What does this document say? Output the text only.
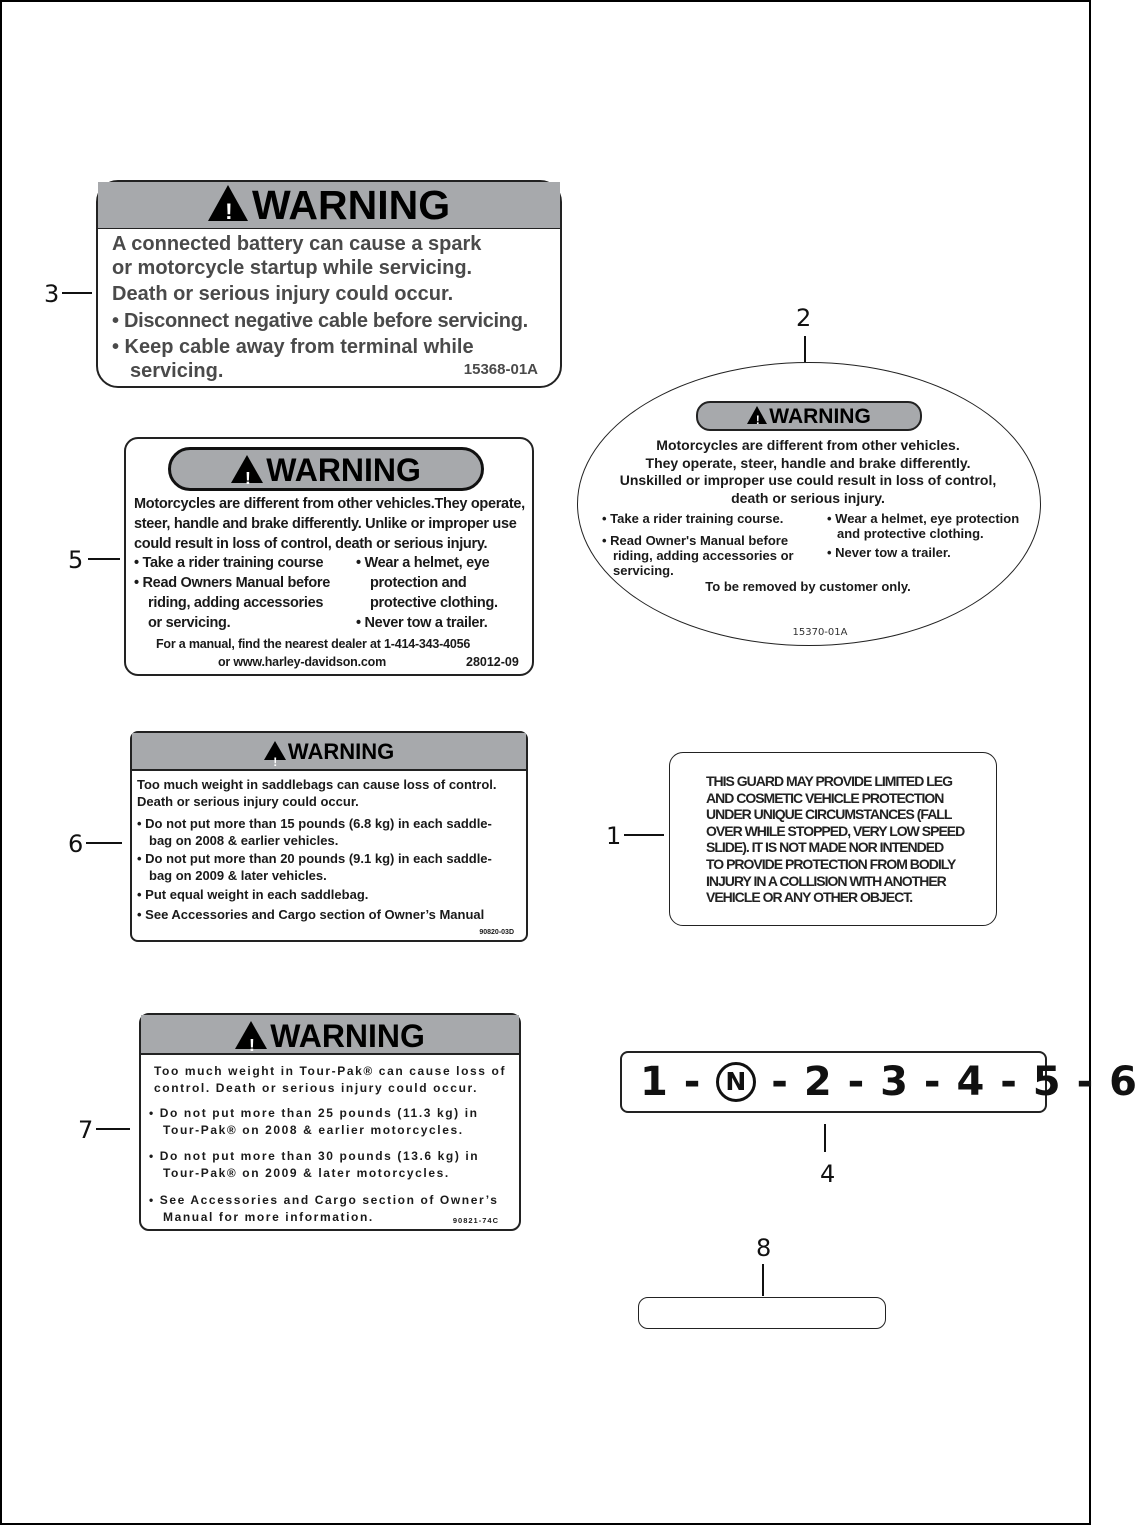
3
2
5
6	1
7
4
8
!WARNING
A connected battery can cause a spark
or motorcycle startup while servicing.
Death or serious injury could occur.
• Disconnect negative cable before servicing.
• Keep cable away from terminal while
servicing.	15368-01A
!WARNING
Motorcycles are different from other vehicles.
They operate, steer, handle and brake differently.
Unskilled or improper use could result in loss of control,
death or serious injury.
• Take a rider training course.
• Read Owner's Manual before
riding, adding accessories or
servicing.
• Wear a helmet, eye protection
and protective clothing.
• Never tow a trailer.
To be removed by customer only.
15370-01A
!WARNING
Motorcycles are different from other vehicles.They operate,
steer, handle and brake differently. Unlike or improper use
could result in loss of control, death or serious injury.
• Take a rider training course
• Read Owners Manual before
riding, adding accessories
or servicing.
• Wear a helmet, eye
protection and
protective clothing.
• Never tow a trailer.
For a manual, find the nearest dealer at 1-414-343-4056
or www.harley-davidson.com	28012-09
!WARNING
Too much weight in saddlebags can cause loss of control.
Death or serious injury could occur.
• Do not put more than 15 pounds (6.8 kg) in each saddle-
bag on 2008 & earlier vehicles.
• Do not put more than 20 pounds (9.1 kg) in each saddle-
bag on 2009 & later vehicles.
• Put equal weight in each saddlebag.
• See Accessories and Cargo section of Owner’s Manual
90820-03D
THIS GUARD MAY PROVIDE LIMITED LEG
AND COSMETIC VEHICLE PROTECTION
UNDER UNIQUE CIRCUMSTANCES (FALL
OVER WHILE STOPPED, VERY LOW SPEED
SLIDE). IT IS NOT MADE NOR INTENDED
TO PROVIDE PROTECTION FROM BODILY
INJURY IN A COLLISION WITH ANOTHER
VEHICLE OR ANY OTHER OBJECT.
!WARNING
Too much weight in Tour-Pak® can cause loss of
control. Death or serious injury could occur.
• Do not put more than 25 pounds (11.3 kg) in
Tour-Pak® on 2008 & earlier motorcycles.
• Do not put more than 30 pounds (13.6 kg) in
Tour-Pak® on 2009 & later motorcycles.
• See Accessories and Cargo section of Owner’s
Manual for more information.	90821-74C
1 - N - 2 - 3 - 4 - 5 - 6
